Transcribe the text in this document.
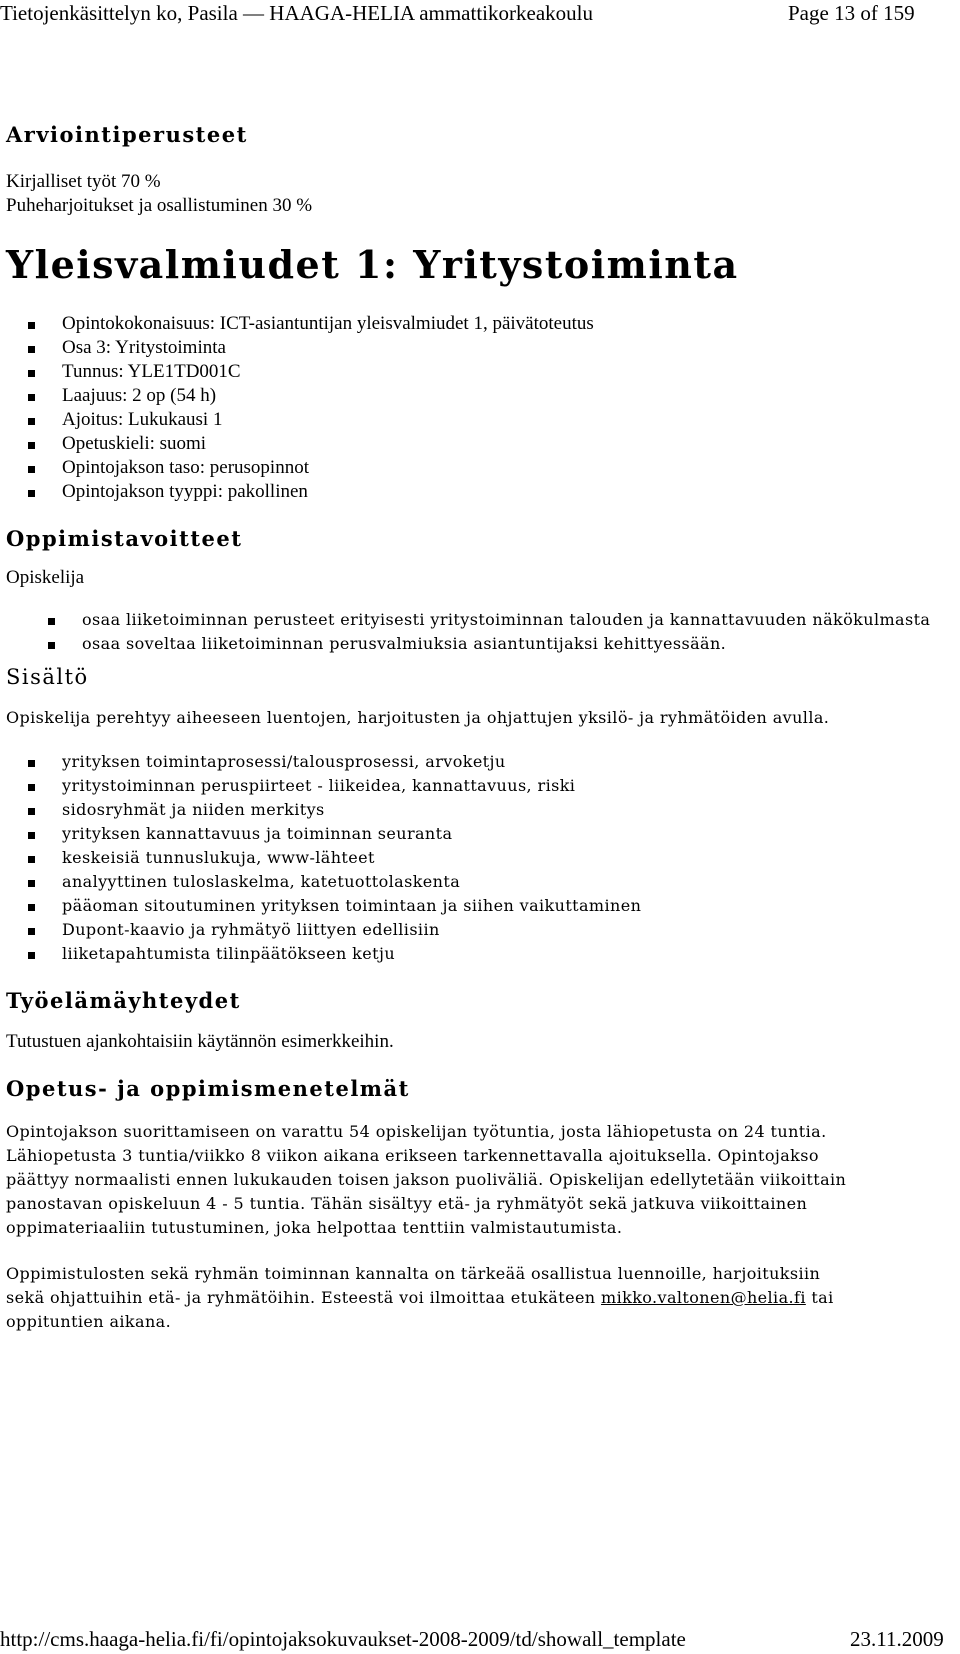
Tietojenkäsittelyn ko, Pasila — HAAGA-HELIA ammattikorkeakoulu	Page 13 of 159
Arviointiperusteet

Kirjalliset työt 70 %

Puheharjoitukset ja osallistuminen 30 %

Yleisvalmiudet 1: Yritystoiminta
Opintokokonaisuus: ICT-asiantuntijan yleisvalmiudet 1, päivätoteutus
Osa 3: Yritystoiminta
Tunnus: YLE1TD001C
Laajuus: 2 op (54 h)
Ajoitus: Lukukausi 1
Opetuskieli: suomi
Opintojakson taso: perusopinnot
Opintojakson tyyppi: pakollinen
Oppimistavoitteet

Opiskelija

osaa liiketoiminnan perusteet erityisesti yritystoiminnan talouden ja kannattavuuden näkökulmasta
osaa soveltaa liiketoiminnan perusvalmiuksia asiantuntijaksi kehittyessään.
Sisältö

Opiskelija perehtyy aiheeseen luentojen, harjoitusten ja ohjattujen yksilö- ja ryhmätöiden avulla.

yrityksen toimintaprosessi/talousprosessi, arvoketju
yritystoiminnan peruspiirteet - liikeidea, kannattavuus, riski
sidosryhmät ja niiden merkitys
yrityksen kannattavuus ja toiminnan seuranta
keskeisiä tunnuslukuja, www-lähteet
analyyttinen tuloslaskelma, katetuottolaskenta
pääoman sitoutuminen yrityksen toimintaan ja siihen vaikuttaminen
Dupont-kaavio ja ryhmätyö liittyen edellisiin
liiketapahtumista tilinpäätökseen ketju
Työelämäyhteydet

Tutustuen ajankohtaisiin käytännön esimerkkeihin.

Opetus- ja oppimismenetelmät

Opintojakson suorittamiseen on varattu 54 opiskelijan työtuntia, josta lähiopetusta on 24 tuntia.

Lähiopetusta 3 tuntia/viikko 8 viikon aikana erikseen tarkennettavalla ajoituksella. Opintojakso

päättyy normaalisti ennen lukukauden toisen jakson puoliväliä. Opiskelijan edellytetään viikoittain

panostavan opiskeluun 4 - 5 tuntia. Tähän sisältyy etä- ja ryhmätyöt sekä jatkuva viikoittainen

oppimateriaaliin tutustuminen, joka helpottaa tenttiin valmistautumista.

Oppimistulosten sekä ryhmän toiminnan kannalta on tärkeää osallistua luennoille, harjoituksiin

sekä ohjattuihin etä- ja ryhmätöihin. Esteestä voi ilmoittaa etukäteen mikko.valtonen@helia.fi tai

oppituntien aikana.

http://cms.haaga-helia.fi/fi/opintojaksokuvaukset-2008-2009/td/showall_template	23.11.2009
